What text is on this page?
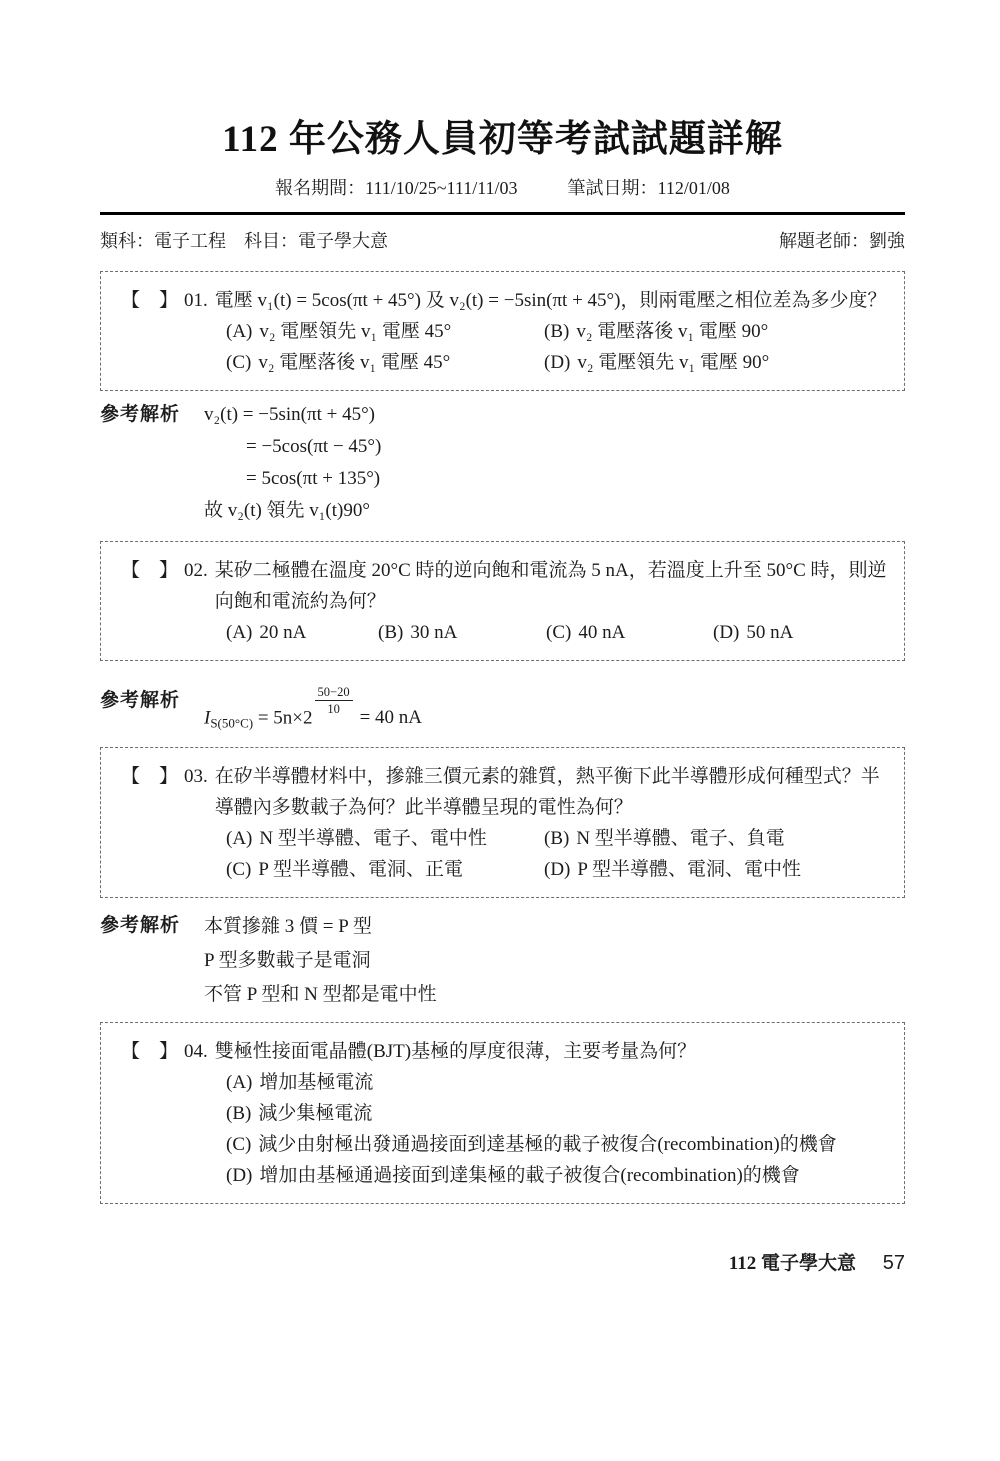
112 年公務人員初等考試試題詳解
報名期間：111/10/25~111/11/03	筆試日期：112/01/08
類科：電子工程　科目：電子學大意	解題老師：劉強
【　】 01. 電壓 v₁(t) = 5cos(πt + 45°) 及 v₂(t) = −5sin(πt + 45°)，則兩電壓之相位差為多少度？
(A) v₂ 電壓領先 v₁ 電壓 45°	(B) v₂ 電壓落後 v₁ 電壓 90°
(C) v₂ 電壓落後 v₁ 電壓 45°	(D) v₂ 電壓領先 v₁ 電壓 90°
參考解析	v₂(t) = −5sin(πt + 45°)
= −5cos(πt − 45°)
= 5cos(πt + 135°)
故 v₂(t) 領先 v₁(t)90°
【　】 02. 某矽二極體在溫度 20°C 時的逆向飽和電流為 5 nA，若溫度上升至 50°C 時，則逆向飽和電流約為何？
(A) 20 nA	(B) 30 nA	(C) 40 nA	(D) 50 nA
參考解析
$I_{S(50^\circ C)} = 5n\times 2$
$\frac{50-20}{10}$
= 40 nA
【　】 03. 在矽半導體材料中，摻雜三價元素的雜質，熱平衡下此半導體形成何種型式？半導體內多數載子為何？此半導體呈現的電性為何？
(A) N 型半導體、電子、電中性	(B) N 型半導體、電子、負電
(C) P 型半導體、電洞、正電	(D) P 型半導體、電洞、電中性
參考解析	本質摻雜 3 價 = P 型
P 型多數載子是電洞
不管 P 型和 N 型都是電中性
【　】 04. 雙極性接面電晶體(BJT)基極的厚度很薄，主要考量為何？
(A) 增加基極電流
(B) 減少集極電流
(C) 減少由射極出發通過接面到達基極的載子被復合(recombination)的機會
(D) 增加由基極通過接面到達集極的載子被復合(recombination)的機會
112 電子學大意 57
